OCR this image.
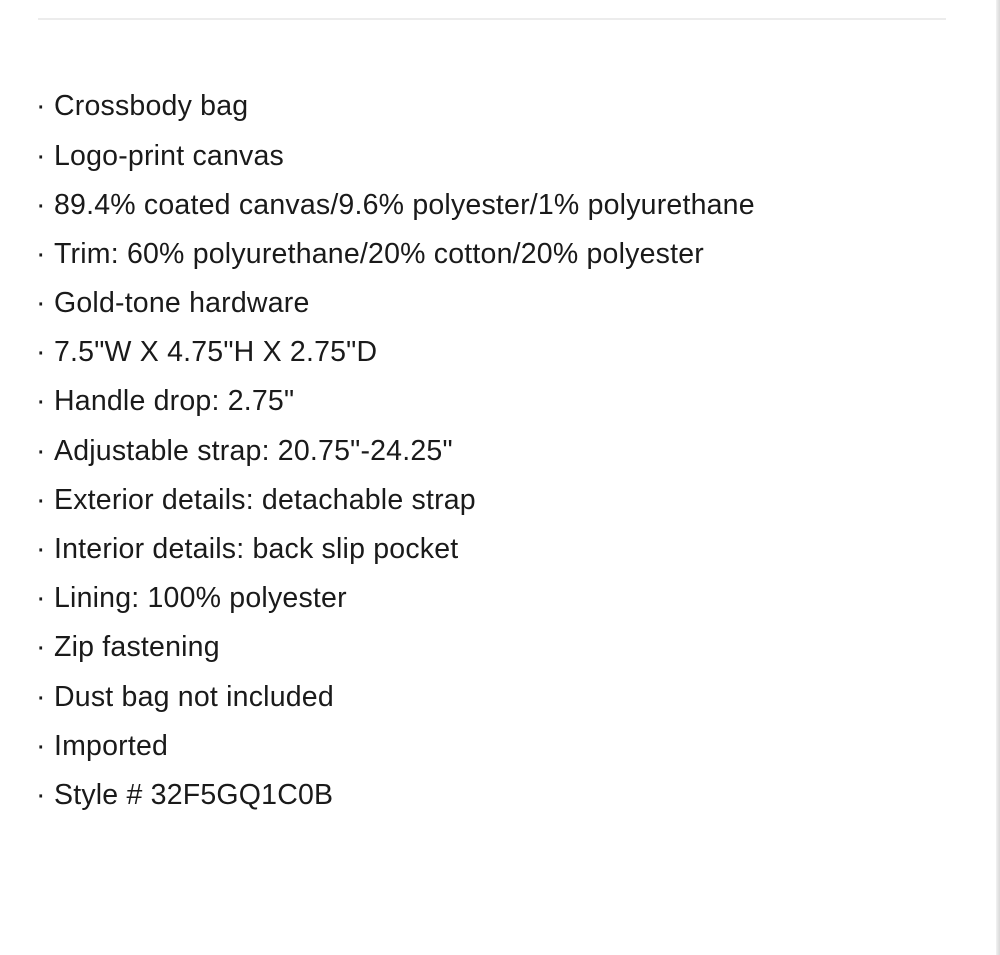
· Crossbody bag
· Logo-print canvas
· 89.4% coated canvas/9.6% polyester/1% polyurethane
· Trim: 60% polyurethane/20% cotton/20% polyester
· Gold-tone hardware
· 7.5"W X 4.75"H X 2.75"D
· Handle drop: 2.75"
· Adjustable strap: 20.75"-24.25"
· Exterior details: detachable strap
· Interior details: back slip pocket
· Lining: 100% polyester
· Zip fastening
· Dust bag not included
· Imported
· Style # 32F5GQ1C0B
